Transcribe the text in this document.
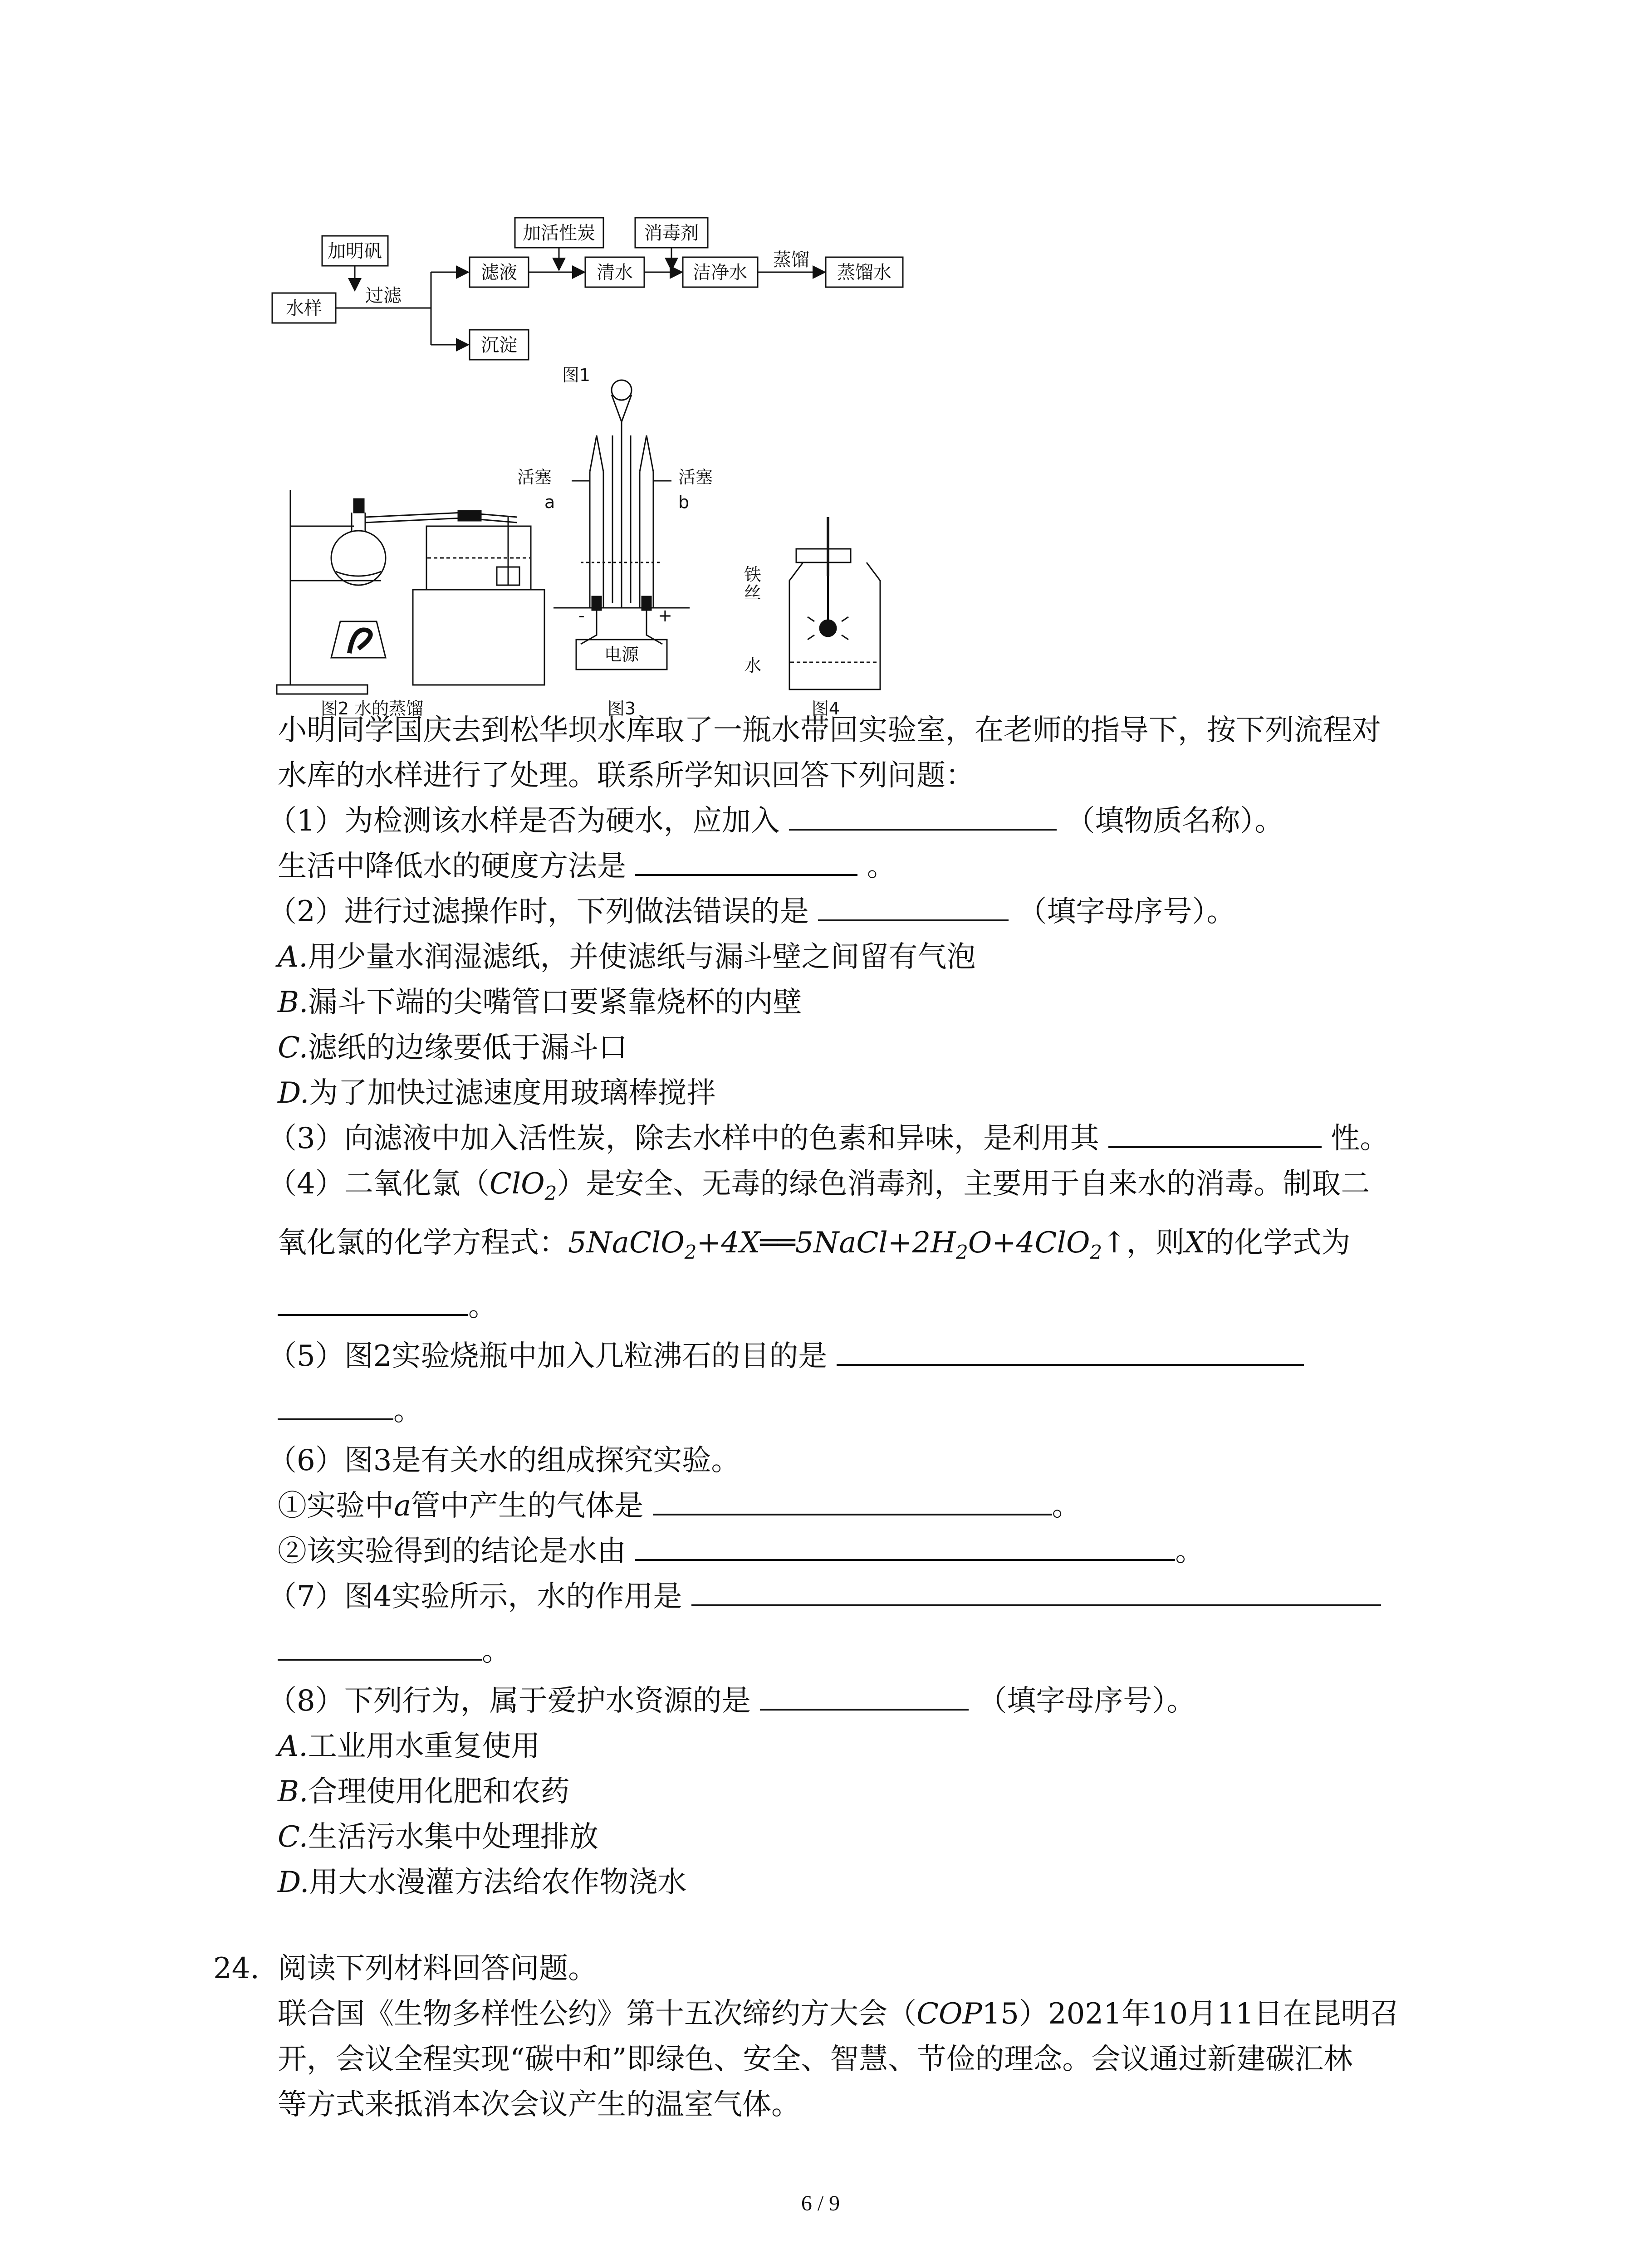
加明矾
水样
过滤
滤液
沉淀
加活性炭
清水
消毒剂
洁净水
蒸馏
蒸馏水
图1
图2 水的蒸馏
活塞	活塞
a	b
-	+
电源
图3
铁
丝
水
图4
小明同学国庆去到松华坝水库取了一瓶水带回实验室，在老师的指导下，按下列流程对
水库的水样进行了处理。联系所学知识回答下列问题：
（1）为检测该水样是否为硬水，应加入	（填物质名称）。
生活中降低水的硬度方法是	。
（2）进行过滤操作时，下列做法错误的是	（填字母序号）。
A.用少量水润湿滤纸，并使滤纸与漏斗壁之间留有气泡
B.漏斗下端的尖嘴管口要紧靠烧杯的内壁
C.滤纸的边缘要低于漏斗口
D.为了加快过滤速度用玻璃棒搅拌
（3）向滤液中加入活性炭，除去水样中的色素和异味，是利用其	性。
（4）二氧化氯（ClO$_2$）是安全、无毒的绿色消毒剂，主要用于自来水的消毒。制取二
氧化氯的化学方程式：$5NaClO_2+4X══5NaCl+2H_2O+4ClO_2↑$，则X的化学式为
。
（5）图2实验烧瓶中加入几粒沸石的目的是
。
（6）图3是有关水的组成探究实验。
①实验中a管中产生的气体是	。
②该实验得到的结论是水由	。
（7）图4实验所示，水的作用是
。
（8）下列行为，属于爱护水资源的是	（填字母序号）。
A.工业用水重复使用
B.合理使用化肥和农药
C.生活污水集中处理排放
D.用大水漫灌方法给农作物浇水
24. 阅读下列材料回答问题。
联合国《生物多样性公约》第十五次缔约方大会（COP15）2021年10月11日在昆明召
开，会议全程实现“碳中和”即绿色、安全、智慧、节俭的理念。会议通过新建碳汇林
等方式来抵消本次会议产生的温室气体。
6 / 9
